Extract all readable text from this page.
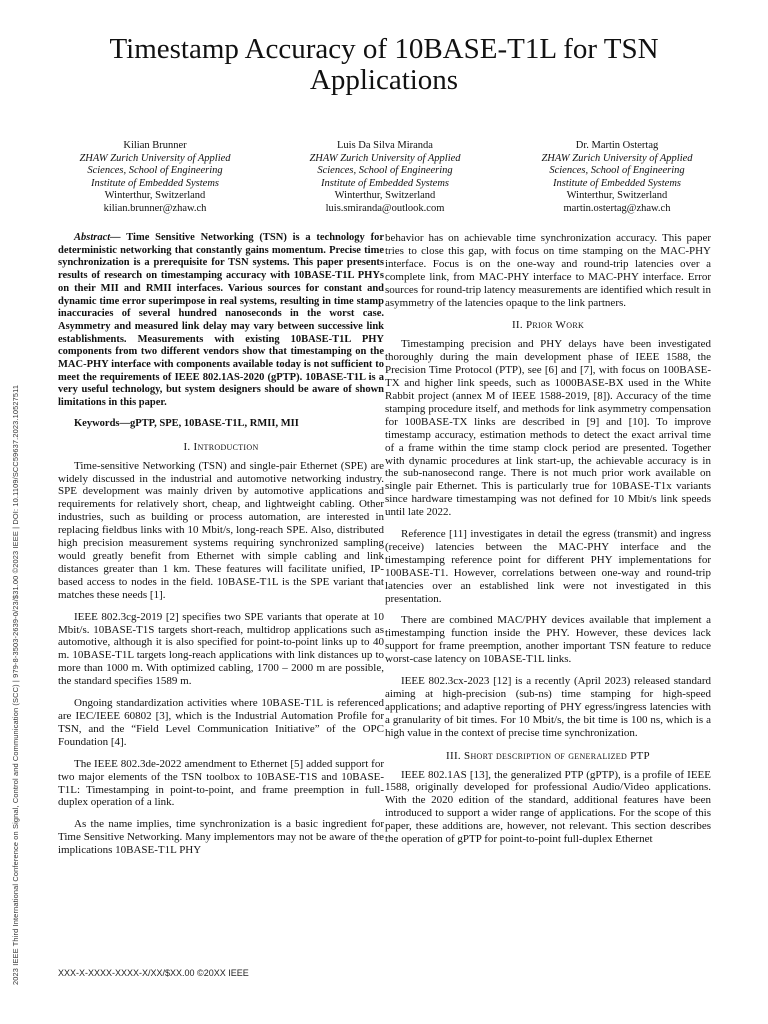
2023 IEEE Third International Conference on Signal, Control and Communication (SCC) | 979-8-3503-2639-0/23/$31.00 ©2023 IEEE | DOI: 10.1109/SCC59637.2023.10527511
Timestamp Accuracy of 10BASE-T1L for TSN Applications
Kilian Brunner
ZHAW Zurich University of Applied
Sciences, School of Engineering
Institute of Embedded Systems
Winterthur, Switzerland
kilian.brunner@zhaw.ch
Luis Da Silva Miranda
ZHAW Zurich University of Applied
Sciences, School of Engineering
Institute of Embedded Systems
Winterthur, Switzerland
luis.smiranda@outlook.com
Dr. Martin Ostertag
ZHAW Zurich University of Applied
Sciences, School of Engineering
Institute of Embedded Systems
Winterthur, Switzerland
martin.ostertag@zhaw.ch

Abstract— Time Sensitive Networking (TSN) is a technology for deterministic networking that constantly gains momentum. Precise time synchronization is a prerequisite for TSN systems. This paper presents results of research on timestamping accuracy with 10BASE-T1L PHYs on their MII and RMII interfaces. Various sources for constant and dynamic time error superimpose in real systems, resulting in time stamp inaccuracies of several hundred nanoseconds in the worst case. Asymmetry and measured link delay may vary between successive link establishments. Measurements with existing 10BASE-T1L PHY components from two different vendors show that timestamping on the MAC-PHY interface with components available today is not sufficient to meet the requirements of IEEE 802.1AS-2020 (gPTP). 10BASE-T1L is a very useful technology, but system designers should be aware of shown limitations in this paper.

Keywords—gPTP, SPE, 10BASE-T1L, RMII, MII

I. Introduction

Time-sensitive Networking (TSN) and single-pair Ethernet (SPE) are widely discussed in the industrial and automotive networking industry. SPE development was mainly driven by automotive applications and requirements for relatively short, cheap, and lightweight cabling. Other industries, such as building or process automation, are interested in replacing fieldbus links with 10 Mbit/s, long-reach SPE. Also, distributed high precision measurement systems requiring synchronized sampling would greatly benefit from Ethernet with simple cabling and link distances greater than 1 km. These features will facilitate unified, IP-based access to nodes in the field. 10BASE-T1L is the SPE variant that matches these needs [1].

IEEE 802.3cg-2019 [2] specifies two SPE variants that operate at 10 Mbit/s. 10BASE-T1S targets short-reach, multidrop applications such as automotive, although it is also specified for point-to-point links up to 40 m. 10BASE-T1L targets long-reach applications with link distances up to more than 1000 m. With optimized cabling, 1700 – 2000 m are possible, the standard specifies 1589 m.

Ongoing standardization activities where 10BASE-T1L is referenced are IEC/IEEE 60802 [3], which is the Industrial Automation Profile for TSN, and the “Field Level Communication Initiative” of the OPC Foundation [4].

The IEEE 802.3de-2022 amendment to Ethernet [5] added support for two major elements of the TSN toolbox to 10BASE-T1S and 10BASE-T1L: Timestamping in point-to-point, and frame preemption in full-duplex operation of a link.

As the name implies, time synchronization is a basic ingredient for Time Sensitive Networking. Many implementors may not be aware of the implications 10BASE-T1L PHY

behavior has on achievable time synchronization accuracy. This paper tries to close this gap, with focus on time stamping on the MAC-PHY interface. Focus is on the one-way and round-trip latencies over a complete link, from MAC-PHY interface to MAC-PHY interface. Error sources for round-trip latency measurements are identified which result in asymmetry of the latencies opaque to the link partners.

II. Prior Work

Timestamping precision and PHY delays have been investigated thoroughly during the main development phase of IEEE 1588, the Precision Time Protocol (PTP), see [6] and [7], with focus on 100BASE-TX and higher link speeds, such as 1000BASE-BX used in the White Rabbit project (annex M of IEEE 1588-2019, [8]). Accuracy of the time stamping procedure itself, and methods for link asymmetry compensation for 100BASE-TX links are described in [9] and [10]. To improve timestamp accuracy, estimation methods to detect the exact arrival time of a frame within the time stamp clock period are presented. Together with dynamic procedures at link start-up, the achievable accuracy is in the sub-nanosecond range. There is not much prior work available on single pair Ethernet. This is particularly true for 10BASE-T1x variants since hardware timestamping was not defined for 10 Mbit/s link speeds until late 2022.

Reference [11] investigates in detail the egress (transmit) and ingress (receive) latencies between the MAC-PHY interface and the timestamping reference point for different PHY implementations for 100BASE-T1. However, correlations between one-way and round-trip latencies over an established link were not investigated in this presentation.

There are combined MAC/PHY devices available that implement a timestamping function inside the PHY. However, these devices lack support for frame preemption, another important TSN feature to reduce worst-case latency on 10BASE-T1L links.

IEEE 802.3cx-2023 [12] is a recently (April 2023) released standard aiming at high-precision (sub-ns) time stamping for high-speed applications; and adaptive reporting of PHY egress/ingress latencies with a granularity of bit times. For 10 Mbit/s, the bit time is 100 ns, which is a high value in the context of precise time synchronization.

III. Short description of generalized PTP

IEEE 802.1AS [13], the generalized PTP (gPTP), is a profile of IEEE 1588, originally developed for professional Audio/Video applications. With the 2020 edition of the standard, additional features have been introduced to support a wider range of applications. For the scope of this paper, these additions are, however, not relevant. This section describes the operation of gPTP for point-to-point full-duplex Ethernet

XXX-X-XXXX-XXXX-X/XX/$XX.00 ©20XX IEEE
